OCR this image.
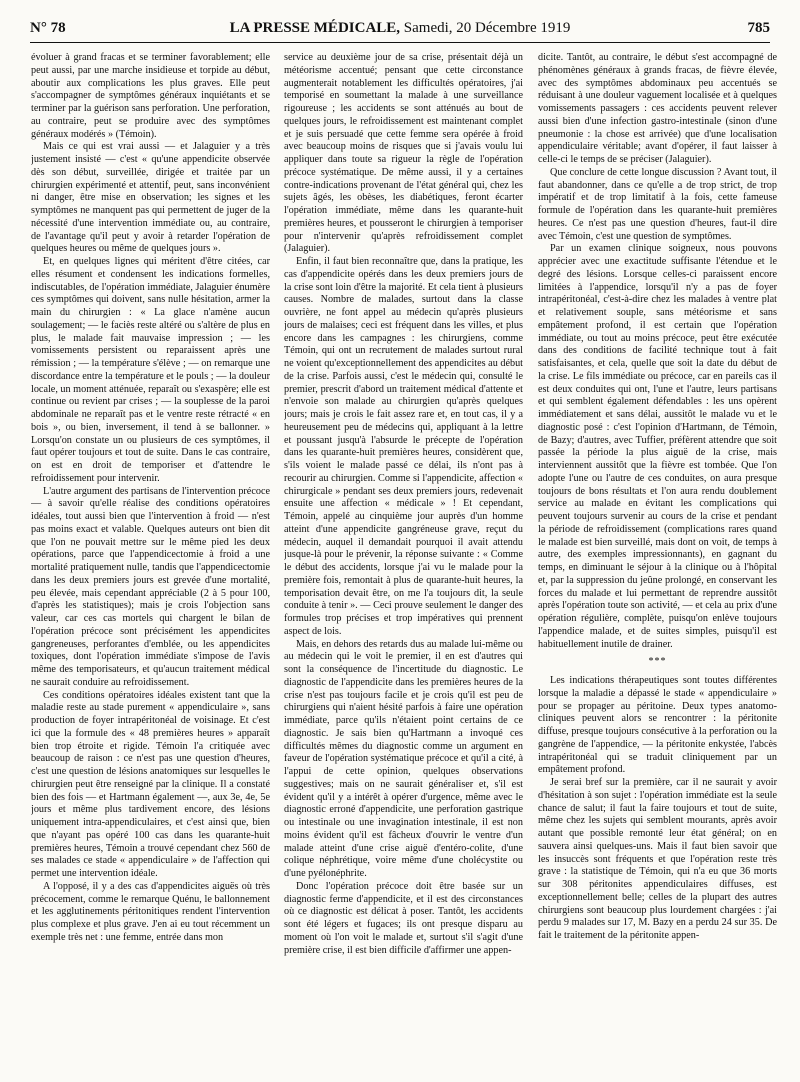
N° 78	LA PRESSE MÉDICALE, Samedi, 20 Décembre 1919	785

évoluer à grand fracas et se terminer favorablement; elle peut aussi, par une marche insidieuse et torpide au début, aboutir aux complications les plus graves. Elle peut s'accompagner de symptômes généraux inquiétants et se terminer par la guérison sans perforation. Une perforation, au contraire, peut se produire avec des symptômes généraux modérés » (Témoin).

Mais ce qui est vrai aussi — et Jalaguier y a très justement insisté — c'est « qu'une appendicite observée dès son début, surveillée, dirigée et traitée par un chirurgien expérimenté et attentif, peut, sans inconvénient ni danger, être mise en observation; les signes et les symptômes ne manquent pas qui permettent de juger de la nécessité d'une intervention immédiate ou, au contraire, de l'avantage qu'il peut y avoir à retarder l'opération de quelques heures ou même de quelques jours ».

Et, en quelques lignes qui méritent d'être citées, car elles résument et condensent les indications formelles, indiscutables, de l'opération immédiate, Jalaguier énumère ces symptômes qui doivent, sans nulle hésitation, armer la main du chirurgien : « La glace n'amène aucun soulagement; — le faciès reste altéré ou s'altère de plus en plus, le malade fait mauvaise impression ; — les vomissements persistent ou reparaissent après une rémission ; — la température s'élève ; — on remarque une discordance entre la température et le pouls ; — la douleur locale, un moment atténuée, reparaît ou s'exaspère; elle est continue ou revient par crises ; — la souplesse de la paroi abdominale ne reparaît pas et le ventre reste rétracté « en bois », ou bien, inversement, il tend à se ballonner. » Lorsqu'on constate un ou plusieurs de ces symptômes, il faut opérer toujours et tout de suite. Dans le cas contraire, on est en droit de temporiser et d'attendre le refroidissement pour intervenir.

L'autre argument des partisans de l'intervention précoce — à savoir qu'elle réalise des conditions opératoires idéales, tout aussi bien que l'intervention à froid — n'est pas moins exact et valable. Quelques auteurs ont bien dit que l'on ne pouvait mettre sur le même pied les deux opérations, parce que l'appendicectomie à froid a une mortalité pratiquement nulle, tandis que l'appendicectomie dans les deux premiers jours est grevée d'une mortalité, peu élevée, mais cependant appréciable (2 à 5 pour 100, d'après les statistiques); mais je crois l'objection sans valeur, car ces cas mortels qui chargent le bilan de l'opération précoce sont précisément les appendicites gangreneuses, perforantes d'emblée, ou les appendicites toxiques, dont l'opération immédiate s'impose de l'avis même des temporisateurs, et qu'aucun traitement médical ne saurait conduire au refroidissement.

Ces conditions opératoires idéales existent tant que la maladie reste au stade purement « appendiculaire », sans production de foyer intrapéritonéal de voisinage. Et c'est ici que la formule des « 48 premières heures » apparaît bien trop étroite et rigide. Témoin l'a critiquée avec beaucoup de raison : ce n'est pas une question d'heures, c'est une question de lésions anatomiques sur lesquelles le chirurgien peut être renseigné par la clinique. Il a constaté bien des fois — et Hartmann également —, aux 3e, 4e, 5e jours et même plus tardivement encore, des lésions uniquement intra-appendiculaires, et c'est ainsi que, bien que n'ayant pas opéré 100 cas dans les quarante-huit premières heures, Témoin a trouvé cependant chez 560 de ses malades ce stade « appendiculaire » de l'affection qui permet une intervention idéale.

A l'opposé, il y a des cas d'appendicites aiguës où très précocement, comme le remarque Quénu, le ballonnement et les agglutinements péritonitiques rendent l'intervention plus complexe et plus grave. J'en ai eu tout récemment un exemple très net : une femme, entrée dans mon

service au deuxième jour de sa crise, présentait déjà un météorisme accentué; pensant que cette circonstance augmenterait notablement les difficultés opératoires, j'ai temporisé en soumettant la malade à une surveillance rigoureuse ; les accidents se sont atténués au bout de quelques jours, le refroidissement est maintenant complet et je suis persuadé que cette femme sera opérée à froid avec beaucoup moins de risques que si j'avais voulu lui appliquer dans toute sa rigueur la règle de l'opération précoce systématique. De même aussi, il y a certaines contre-indications provenant de l'état général qui, chez les sujets âgés, les obèses, les diabétiques, feront écarter l'opération immédiate, même dans les quarante-huit premières heures, et pousseront le chirurgien à temporiser pour n'intervenir qu'après refroidissement complet (Jalaguier).

Enfin, il faut bien reconnaître que, dans la pratique, les cas d'appendicite opérés dans les deux premiers jours de la crise sont loin d'être la majorité. Et cela tient à plusieurs causes. Nombre de malades, surtout dans la classe ouvrière, ne font appel au médecin qu'après plusieurs jours de malaises; ceci est fréquent dans les villes, et plus encore dans les campagnes : les chirurgiens, comme Témoin, qui ont un recrutement de malades surtout rural ne voient qu'exceptionnellement des appendicites au début de la crise. Parfois aussi, c'est le médecin qui, consulté le premier, prescrit d'abord un traitement médical d'attente et n'envoie son malade au chirurgien qu'après quelques jours; mais je crois le fait assez rare et, en tout cas, il y a heureusement peu de médecins qui, appliquant à la lettre et poussant jusqu'à l'absurde le précepte de l'opération dans les quarante-huit premières heures, considèrent que, s'ils voient le malade passé ce délai, ils n'ont pas à recourir au chirurgien. Comme si l'appendicite, affection « chirurgicale » pendant ses deux premiers jours, redevenait ensuite une affection « médicale » ! Et cependant, Témoin, appelé au cinquième jour auprès d'un homme atteint d'une appendicite gangréneuse grave, reçut du médecin, auquel il demandait pourquoi il avait attendu jusque-là pour le prévenir, la réponse suivante : « Comme le début des accidents, lorsque j'ai vu le malade pour la première fois, remontait à plus de quarante-huit heures, la temporisation devait être, on me l'a toujours dit, la seule conduite à tenir ». — Ceci prouve seulement le danger des formules trop précises et trop impératives qui prennent aspect de lois.

Mais, en dehors des retards dus au malade lui-même ou au médecin qui le voit le premier, il en est d'autres qui sont la conséquence de l'incertitude du diagnostic. Le diagnostic de l'appendicite dans les premières heures de la crise n'est pas toujours facile et je crois qu'il est peu de chirurgiens qui n'aient hésité parfois à faire une opération immédiate, parce qu'ils n'étaient point certains de ce diagnostic. Je sais bien qu'Hartmann a invoqué ces difficultés mêmes du diagnostic comme un argument en faveur de l'opération systématique précoce et qu'il a cité, à l'appui de cette opinion, quelques observations suggestives; mais on ne saurait généraliser et, s'il est évident qu'il y a intérêt à opérer d'urgence, même avec le diagnostic erroné d'appendicite, une perforation gastrique ou intestinale ou une invagination intestinale, il est non moins évident qu'il est fâcheux d'ouvrir le ventre d'un malade atteint d'une crise aiguë d'entéro-colite, d'une colique néphrétique, voire même d'une cholécystite ou d'une pyélonéphrite.

Donc l'opération précoce doit être basée sur un diagnostic ferme d'appendicite, et il est des circonstances où ce diagnostic est délicat à poser. Tantôt, les accidents sont été légers et fugaces; ils ont presque disparu au moment où l'on voit le malade et, surtout s'il s'agit d'une première crise, il est bien difficile d'affirmer une appen-

dicite. Tantôt, au contraire, le début s'est accompagné de phénomènes généraux à grands fracas, de fièvre élevée, avec des symptômes abdominaux peu accentués se réduisant à une douleur vaguement localisée et à quelques vomissements passagers : ces accidents peuvent relever aussi bien d'une infection gastro-intestinale (sinon d'une pneumonie : la chose est arrivée) que d'une localisation appendiculaire véritable; avant d'opérer, il faut laisser à celle-ci le temps de se préciser (Jalaguier).

Que conclure de cette longue discussion ? Avant tout, il faut abandonner, dans ce qu'elle a de trop strict, de trop impératif et de trop limitatif à la fois, cette fameuse formule de l'opération dans les quarante-huit premières heures. Ce n'est pas une question d'heures, faut-il dire avec Témoin, c'est une question de symptômes.

Par un examen clinique soigneux, nous pouvons apprécier avec une exactitude suffisante l'étendue et le degré des lésions. Lorsque celles-ci paraissent encore limitées à l'appendice, lorsqu'il n'y a pas de foyer intrapéritonéal, c'est-à-dire chez les malades à ventre plat et relativement souple, sans météorisme et sans empâtement profond, il est certain que l'opération immédiate, ou tout au moins précoce, peut être exécutée dans des conditions de facilité technique tout à fait satisfaisantes, et cela, quelle que soit la date du début de la crise. Le fils immédiate ou précoce, car en pareils cas il est deux conduites qui ont, l'une et l'autre, leurs partisans et qui semblent également défendables : les uns opèrent immédiatement et sans délai, aussitôt le malade vu et le diagnostic posé : c'est l'opinion d'Hartmann, de Témoin, de Bazy; d'autres, avec Tuffier, préfèrent attendre que soit passée la période la plus aiguë de la crise, mais interviennent aussitôt que la fièvre est tombée. Que l'on adopte l'une ou l'autre de ces conduites, on aura presque toujours de bons résultats et l'on aura rendu doublement service au malade en évitant les complications qui peuvent toujours survenir au cours de la crise et pendant la période de refroidissement (complications rares quand le malade est bien surveillé, mais dont on voit, de temps à autre, des exemples impressionnants), en gagnant du temps, en diminuant le séjour à la clinique ou à l'hôpital et, par la suppression du jeûne prolongé, en conservant les forces du malade et lui permettant de reprendre aussitôt après l'opération toute son activité, — et cela au prix d'une opération régulière, complète, puisqu'on enlève toujours l'appendice malade, et de suites simples, puisqu'il est habituellement inutile de drainer.

***

Les indications thérapeutiques sont toutes différentes lorsque la maladie a dépassé le stade « appendiculaire » pour se propager au péritoine. Deux types anatomo-cliniques peuvent alors se rencontrer : la péritonite diffuse, presque toujours consécutive à la perforation ou la gangrène de l'appendice, — la péritonite enkystée, l'abcès intrapéritonéal qui se traduit cliniquement par un empâtement profond.

Je serai bref sur la première, car il ne saurait y avoir d'hésitation à son sujet : l'opération immédiate est la seule chance de salut; il faut la faire toujours et tout de suite, même chez les sujets qui semblent mourants, après avoir autant que possible remonté leur état général; on en sauvera ainsi quelques-uns. Mais il faut bien savoir que les insuccès sont fréquents et que l'opération reste très grave : la statistique de Témoin, qui n'a eu que 36 morts sur 308 péritonites appendiculaires diffuses, est exceptionnellement belle; celles de la plupart des autres chirurgiens sont beaucoup plus lourdement chargées : j'ai perdu 9 malades sur 17, M. Bazy en a perdu 24 sur 35. De fait le traitement de la péritonite appen-
